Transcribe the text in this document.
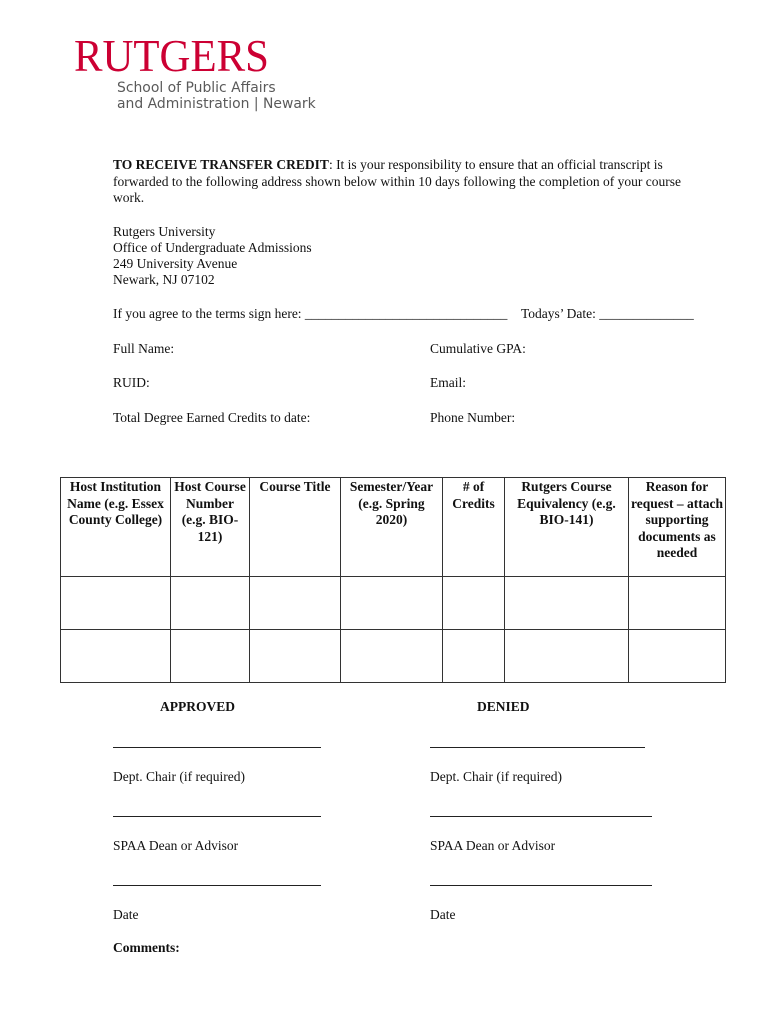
RUTGERS
School of Public Affairs
and Administration | Newark
TO RECEIVE TRANSFER CREDIT: It is your responsibility to ensure that an official transcript is
forwarded to the following address shown below within 10 days following the completion of your course
work.
Rutgers University
Office of Undergraduate Admissions
249 University Avenue
Newark, NJ 07102
If you agree to the terms sign here: ______________________________ Todays’ Date: ______________
Full Name:	Cumulative GPA:
RUID:	Email:
Total Degree Earned Credits to date:	Phone Number:
Host Institution Name (e.g. Essex County College)	Host Course Number (e.g. BIO-121)	Course Title	Semester/Year (e.g. Spring 2020)	# of Credits	Rutgers Course Equivalency (e.g. BIO-141)	Reason for request – attach supporting documents as needed

APPROVED	DENIED
Dept. Chair (if required)	Dept. Chair (if required)
SPAA Dean or Advisor	SPAA Dean or Advisor
Date	Date
Comments:
